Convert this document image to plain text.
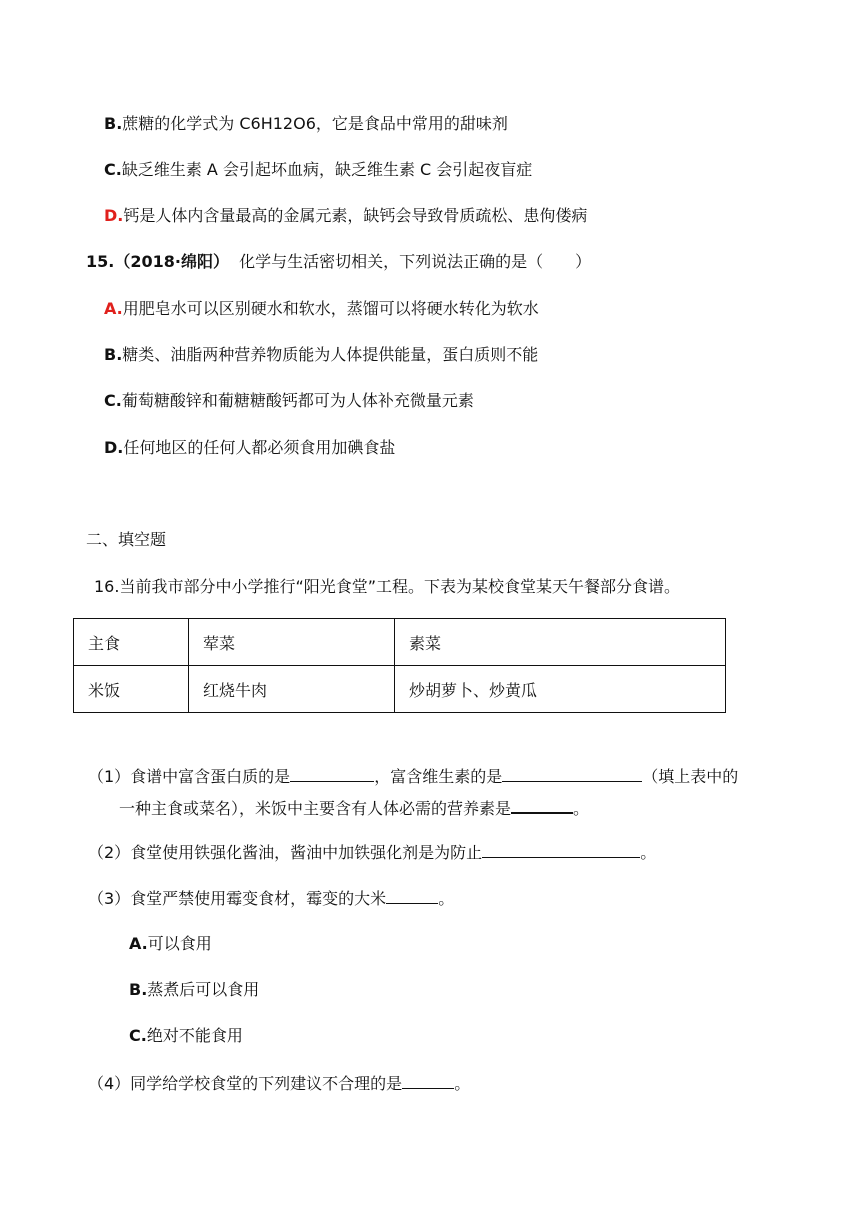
B.蔗糖的化学式为 C6H12O6，它是食品中常用的甜味剂
C.缺乏维生素 A 会引起坏血病，缺乏维生素 C 会引起夜盲症
D.钙是人体内含量最高的金属元素，缺钙会导致骨质疏松、患佝偻病
15.（2018·绵阳） 化学与生活密切相关，下列说法正确的是（　　）
A.用肥皂水可以区别硬水和软水，蒸馏可以将硬水转化为软水
B.糖类、油脂两种营养物质能为人体提供能量，蛋白质则不能
C.葡萄糖酸锌和葡糖糖酸钙都可为人体补充微量元素
D.任何地区的任何人都必须食用加碘食盐
二、填空题
16.当前我市部分中小学推行“阳光食堂”工程。下表为某校食堂某天午餐部分食谱。
主食	荤菜	素菜
米饭	红烧牛肉	炒胡萝卜、炒黄瓜
（1）食谱中富含蛋白质的是	，富含维生素的是	（填上表中的
一种主食或菜名），米饭中主要含有人体必需的营养素是	。
（2）食堂使用铁强化酱油，酱油中加铁强化剂是为防止	。
（3）食堂严禁使用霉变食材，霉变的大米	。
A.可以食用
B.蒸煮后可以食用
C.绝对不能食用
（4）同学给学校食堂的下列建议不合理的是	。
